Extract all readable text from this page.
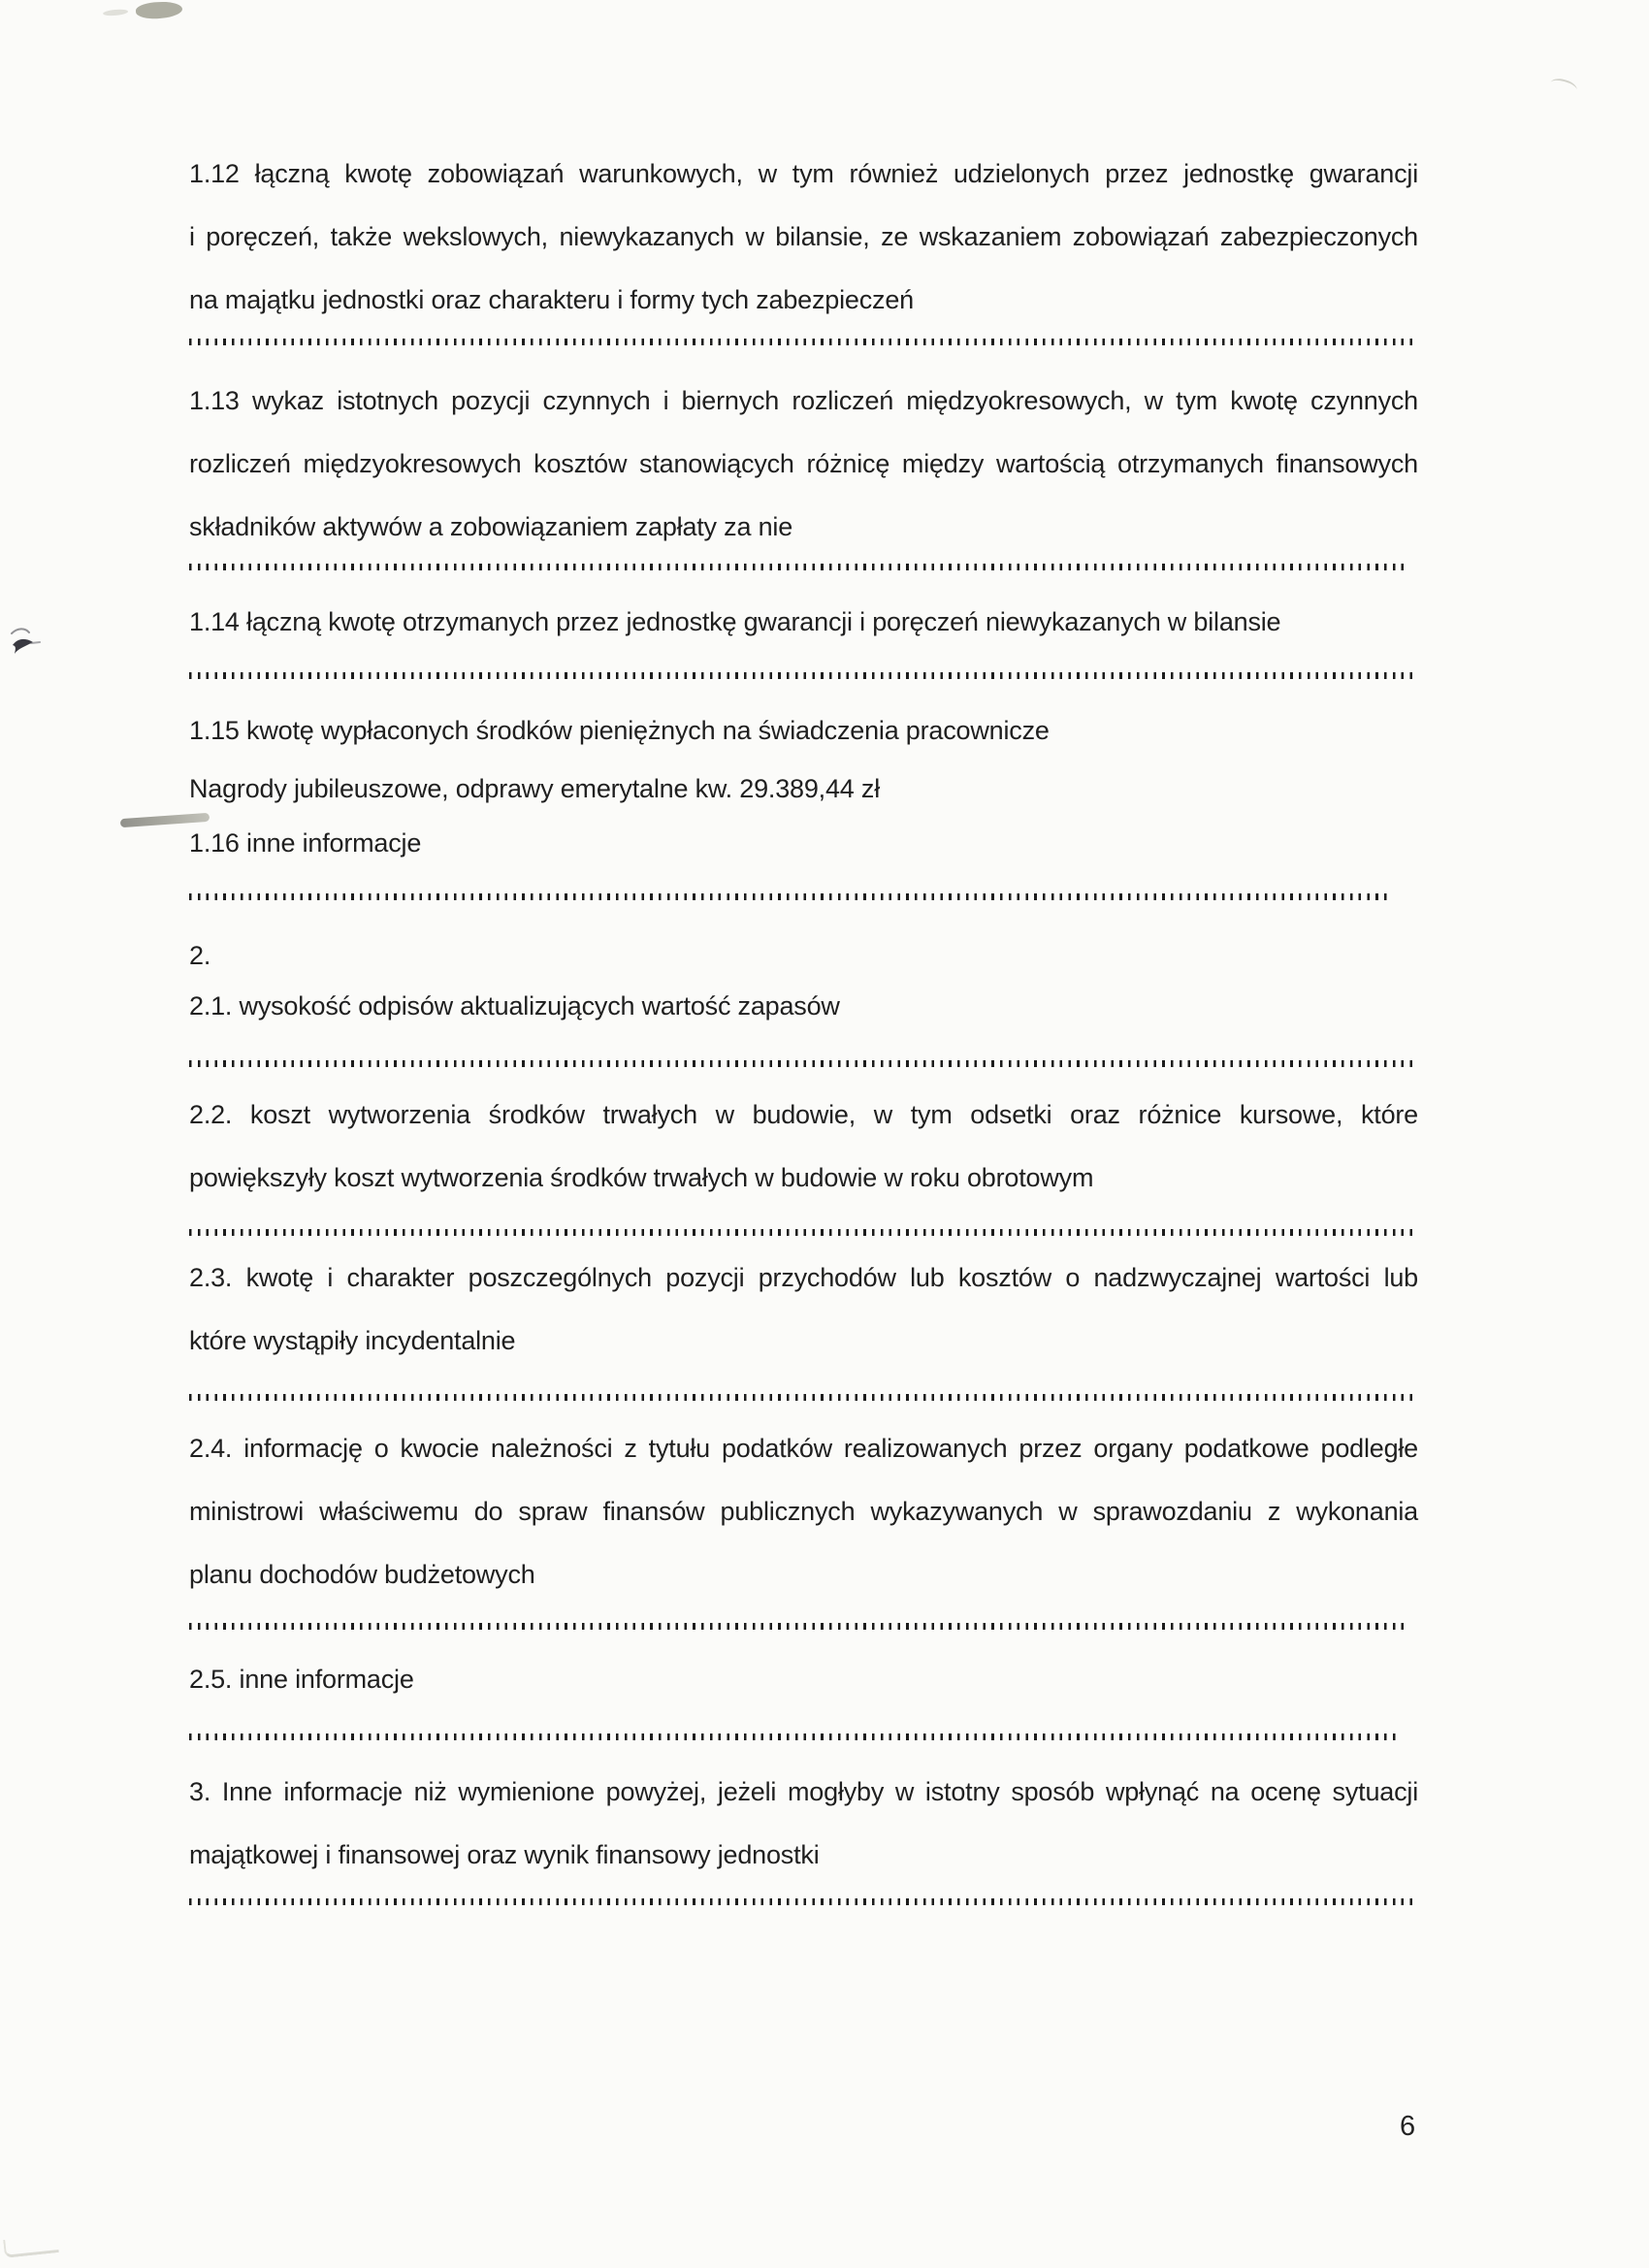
1.12 łączną kwotę zobowiązań warunkowych, w tym również udzielonych przez jednostkę gwarancji
i poręczeń, także wekslowych, niewykazanych w bilansie, ze wskazaniem zobowiązań zabezpieczonych
na majątku jednostki oraz charakteru i formy tych zabezpieczeń
1.13 wykaz istotnych pozycji czynnych i biernych rozliczeń międzyokresowych, w tym kwotę czynnych
rozliczeń międzyokresowych kosztów stanowiących różnicę między wartością otrzymanych finansowych
składników aktywów a zobowiązaniem zapłaty za nie
1.14 łączną kwotę otrzymanych przez jednostkę gwarancji i poręczeń niewykazanych w bilansie
1.15 kwotę wypłaconych środków pieniężnych na świadczenia pracownicze
Nagrody jubileuszowe, odprawy emerytalne kw. 29.389,44 zł
1.16 inne informacje
2.
2.1. wysokość odpisów aktualizujących wartość zapasów
2.2. koszt wytworzenia środków trwałych w budowie, w tym odsetki oraz różnice kursowe, które
powiększyły koszt wytworzenia środków trwałych w budowie w roku obrotowym
2.3. kwotę i charakter poszczególnych pozycji przychodów lub kosztów o nadzwyczajnej wartości lub
które wystąpiły incydentalnie
2.4. informację o kwocie należności z tytułu podatków realizowanych przez organy podatkowe podległe
ministrowi właściwemu do spraw finansów publicznych wykazywanych w sprawozdaniu z wykonania
planu dochodów budżetowych
2.5. inne informacje
3. Inne informacje niż wymienione powyżej, jeżeli mogłyby w istotny sposób wpłynąć na ocenę sytuacji
majątkowej i finansowej oraz wynik finansowy jednostki
6
